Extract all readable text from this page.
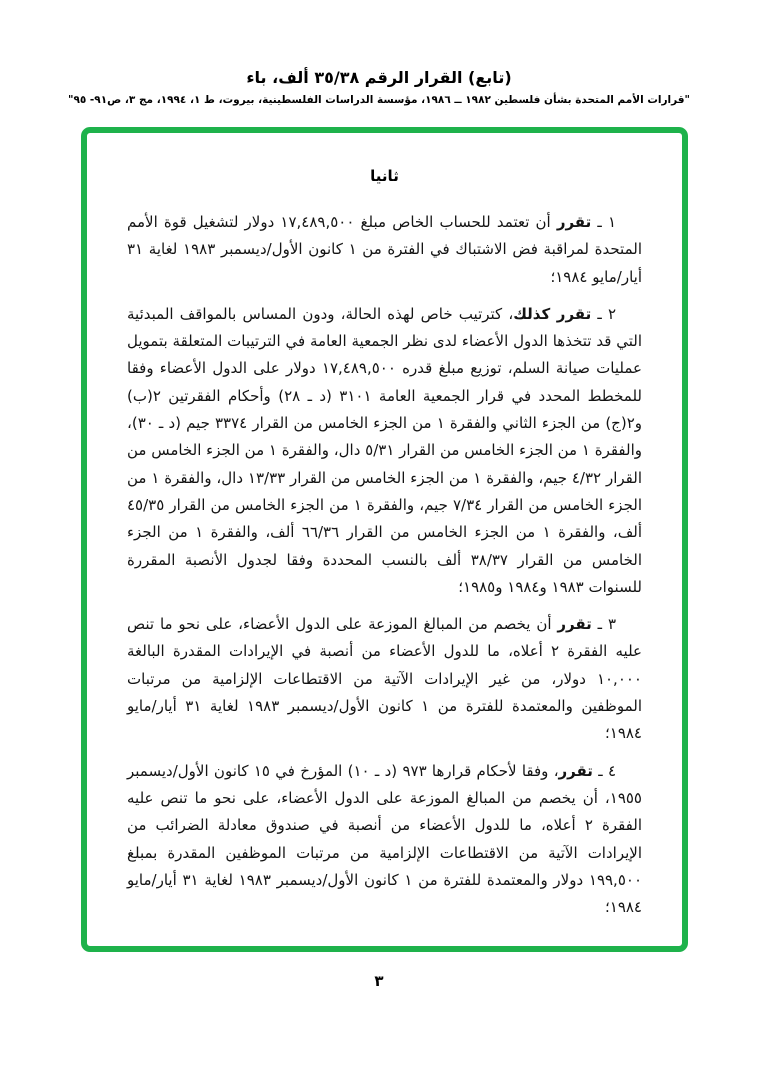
(تابع) القرار الرقم ٣٥/٣٨ ألف، باء
"قرارات الأمم المتحدة بشأن فلسطين ١٩٨٢ ــ ١٩٨٦، مؤسسة الدراسات الفلسطينية، بيروت، ط ١، ١٩٩٤، مج ٣، ص٩١- ٩٥"
ثانيا

١ ـ تقرر أن تعتمد للحساب الخاص مبلغ ١٧,٤٨٩,٥٠٠ دولار لتشغيل قوة الأمم المتحدة لمراقبة فض الاشتباك في الفترة من ١ كانون الأول/ديسمبر ١٩٨٣ لغاية ٣١ أيار/مايو ١٩٨٤؛

٢ ـ تقرر كذلك، كترتيب خاص لهذه الحالة، ودون المساس بالمواقف المبدئية التي قد تتخذها الدول الأعضاء لدى نظر الجمعية العامة في الترتيبات المتعلقة بتمويل عمليات صيانة السلم، توزيع مبلغ قدره ١٧,٤٨٩,٥٠٠ دولار على الدول الأعضاء وفقا للمخطط المحدد في قرار الجمعية العامة ٣١٠١ (د ـ ٢٨) وأحكام الفقرتين ٢(ب) و٢(ج) من الجزء الثاني والفقرة ١ من الجزء الخامس من القرار ٣٣٧٤ جيم (د ـ ٣٠)، والفقرة ١ من الجزء الخامس من القرار ٥/٣١ دال، والفقرة ١ من الجزء الخامس من القرار ٤/٣٢ جيم، والفقرة ١ من الجزء الخامس من القرار ١٣/٣٣ دال، والفقرة ١ من الجزء الخامس من القرار ٧/٣٤ جيم، والفقرة ١ من الجزء الخامس من القرار ٤٥/٣٥ ألف، والفقرة ١ من الجزء الخامس من القرار ٦٦/٣٦ ألف، والفقرة ١ من الجزء الخامس من القرار ٣٨/٣٧ ألف بالنسب المحددة وفقا لجدول الأنصبة المقررة للسنوات ١٩٨٣ و١٩٨٤ و١٩٨٥؛

٣ ـ تقرر أن يخصم من المبالغ الموزعة على الدول الأعضاء، على نحو ما تنص عليه الفقرة ٢ أعلاه، ما للدول الأعضاء من أنصبة في الإيرادات المقدرة البالغة ١٠,٠٠٠ دولار، من غير الإيرادات الآتية من الاقتطاعات الإلزامية من مرتبات الموظفين والمعتمدة للفترة من ١ كانون الأول/ديسمبر ١٩٨٣ لغاية ٣١ أيار/مايو ١٩٨٤؛

٤ ـ تقرر، وفقا لأحكام قرارها ٩٧٣ (د ـ ١٠) المؤرخ في ١٥ كانون الأول/ديسمبر ١٩٥٥، أن يخصم من المبالغ الموزعة على الدول الأعضاء، على نحو ما تنص عليه الفقرة ٢ أعلاه، ما للدول الأعضاء من أنصبة في صندوق معادلة الضرائب من الإيرادات الآتية من الاقتطاعات الإلزامية من مرتبات الموظفين المقدرة بمبلغ ١٩٩,٥٠٠ دولار والمعتمدة للفترة من ١ كانون الأول/ديسمبر ١٩٨٣ لغاية ٣١ أيار/مايو ١٩٨٤؛

٣
